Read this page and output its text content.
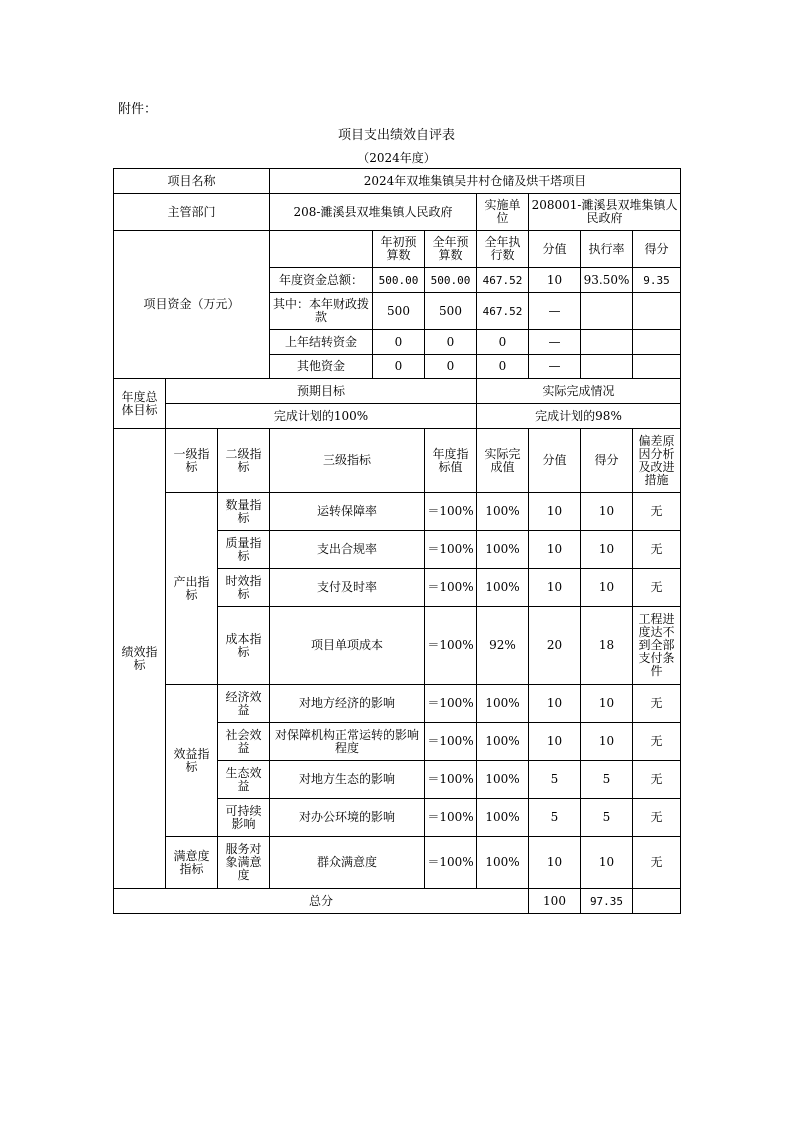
附件：
项目支出绩效自评表
（2024年度）
项目名称			2024年双堆集镇吴井村仓储及烘干塔项目						
主管部门			208-濉溪县双堆集镇人民政府			实施单位	208001-濉溪县双堆集镇人民政府		
项目资金（万元）				年初预算数	全年预算数	全年执行数	分值	执行率	得分
			年度资金总额：	500.00	500.00	467.52	10	93.50%	9.35
			其中：本年财政拨款	500	500	467.52	—		
			上年结转资金	0	0	0	—		
			其他资金	0	0	0	—		
年度总体目标	预期目标					实际完成情况			
	完成计划的100%					完成计划的98%			
绩效指标	一级指标	二级指标	三级指标		年度指标值	实际完成值	分值	得分	偏差原因分析及改进措施
	产出指标	数量指标	运转保障率		＝100%	100%	10	10	无
		质量指标	支出合规率		＝100%	100%	10	10	无
		时效指标	支付及时率		＝100%	100%	10	10	无
		成本指标	项目单项成本		＝100%	92%	20	18	工程进度达不到全部支付条件
	效益指标	经济效益	对地方经济的影响		＝100%	100%	10	10	无
		社会效益	对保障机构正常运转的影响程度		＝100%	100%	10	10	无
		生态效益	对地方生态的影响		＝100%	100%	5	5	无
		可持续影响	对办公环境的影响		＝100%	100%	5	5	无
	满意度指标	服务对象满意度	群众满意度		＝100%	100%	10	10	无
总分							100	97.35	
